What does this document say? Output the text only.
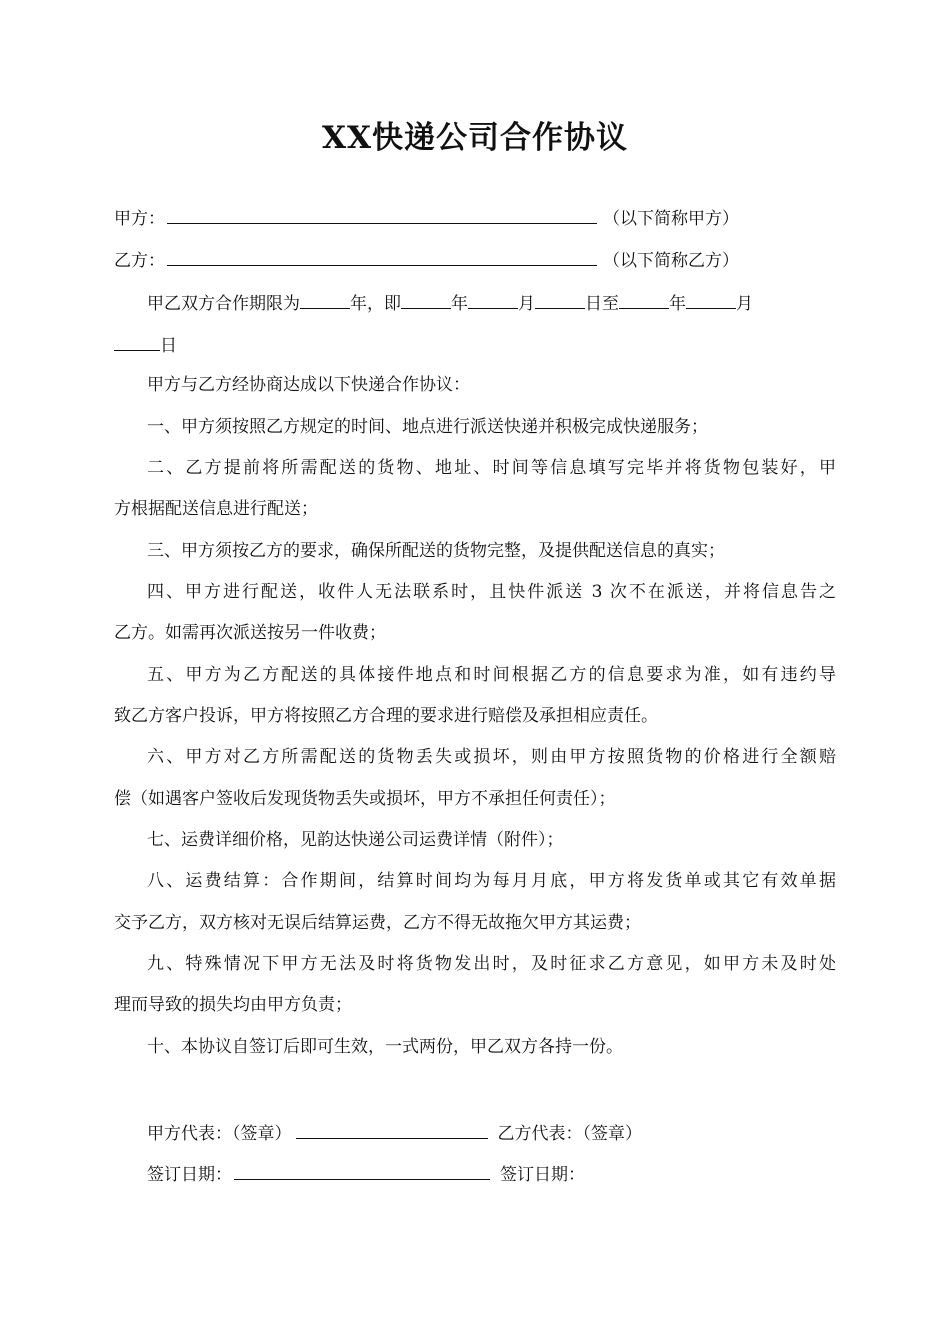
XX快递公司合作协议
甲方：	（以下简称甲方）
乙方：	（以下简称乙方）
甲乙双方合作期限为	年，即	年	月	日至	年	月
日
甲方与乙方经协商达成以下快递合作协议：
一、甲方须按照乙方规定的时间、地点进行派送快递并积极完成快递服务；
二、乙方提前将所需配送的货物、地址、时间等信息填写完毕并将货物包装好，甲
方根据配送信息进行配送；
三、甲方须按乙方的要求，确保所配送的货物完整，及提供配送信息的真实；
四、甲方进行配送，收件人无法联系时，且快件派送 3 次不在派送，并将信息告之
乙方。如需再次派送按另一件收费；
五、甲方为乙方配送的具体接件地点和时间根据乙方的信息要求为准，如有违约导
致乙方客户投诉，甲方将按照乙方合理的要求进行赔偿及承担相应责任。
六、甲方对乙方所需配送的货物丢失或损坏，则由甲方按照货物的价格进行全额赔
偿（如遇客户签收后发现货物丢失或损坏，甲方不承担任何责任）；
七、运费详细价格，见韵达快递公司运费详情（附件）；
八、运费结算：合作期间，结算时间均为每月月底，甲方将发货单或其它有效单据
交予乙方，双方核对无误后结算运费，乙方不得无故拖欠甲方其运费；
九、特殊情况下甲方无法及时将货物发出时，及时征求乙方意见，如甲方未及时处
理而导致的损失均由甲方负责；
十、本协议自签订后即可生效，一式两份，甲乙双方各持一份。
甲方代表：（签章）	乙方代表：（签章）
签订日期：	签订日期：
